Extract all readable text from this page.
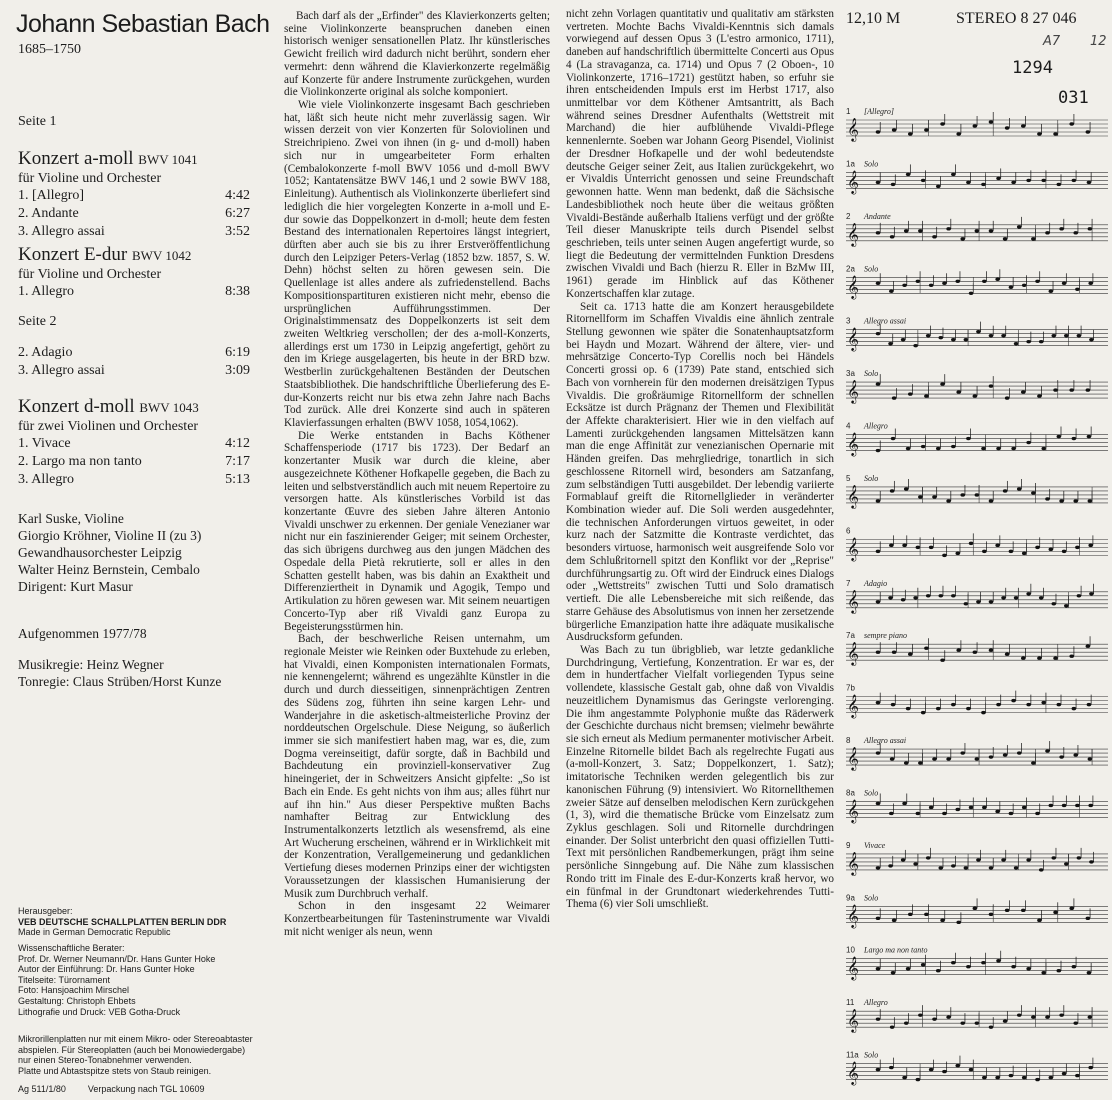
Johann Sebastian Bach
1685–1750
Seite 1
Konzert a-moll BWV 1041
für Violine und Orchester
1. [Allegro]	4:42
2. Andante	6:27
3. Allegro assai	3:52
Konzert E-dur BWV 1042
für Violine und Orchester
1. Allegro	8:38
Seite 2
2. Adagio	6:19
3. Allegro assai	3:09
Konzert d-moll BWV 1043
für zwei Violinen und Orchester
1. Vivace	4:12
2. Largo ma non tanto	7:17
3. Allegro	5:13
Karl Suske, Violine
Giorgio Kröhner, Violine II (zu 3)
Gewandhausorchester Leipzig
Walter Heinz Bernstein, Cembalo
Dirigent: Kurt Masur
Aufgenommen 1977/78
Musikregie: Heinz Wegner
Tonregie: Claus Strüben/Horst Kunze
Herausgeber:
VEB DEUTSCHE SCHALLPLATTEN BERLIN DDR
Made in German Democratic Republic
Wissenschaftliche Berater:
Prof. Dr. Werner Neumann/Dr. Hans Gunter Hoke
Autor der Einführung: Dr. Hans Gunter Hoke
Titelseite: Türornament
Foto: Hansjoachim Mirschel
Gestaltung: Christoph Ehbets
Lithografie und Druck: VEB Gotha-Druck
Mikrorillenplatten nur mit einem Mikro- oder Stereoabtaster
abspielen. Für Stereoplatten (auch bei Monowiedergabe)
nur einen Stereo-Tonabnehmer verwenden.
Platte und Abtastspitze stets von Staub reinigen.
Ag 511/1/80 Verpackung nach TGL 10609

Bach darf als der „Erfinder" des Klavierkonzerts gelten; seine Violinkonzerte beanspruchen daneben einen historisch weniger sensationellen Platz. Ihr künstlerisches Gewicht freilich wird dadurch nicht berührt, sondern eher vermehrt: denn während die Klavierkonzerte regelmäßig auf Konzerte für andere Instrumente zurückgehen, wurden die Violinkonzerte original als solche komponiert.

Wie viele Violinkonzerte insgesamt Bach geschrieben hat, läßt sich heute nicht mehr zuverlässig sagen. Wir wissen derzeit von vier Konzerten für Soloviolinen und Streichripieno. Zwei von ihnen (in g- und d-moll) haben sich nur in umgearbeiteter Form erhalten (Cembalokonzerte f-moll BWV 1056 und d-moll BWV 1052; Kantatensätze BWV 146,1 und 2 sowie BWV 188, Einleitung). Authentisch als Violinkonzerte überliefert sind lediglich die hier vorgelegten Konzerte in a-moll und E-dur sowie das Doppelkonzert in d-moll; heute dem festen Bestand des internationalen Repertoires längst integriert, dürften aber auch sie bis zu ihrer Erstveröffentlichung durch den Leipziger Peters-Verlag (1852 bzw. 1857, S. W. Dehn) höchst selten zu hören gewesen sein. Die Quellenlage ist alles andere als zufriedenstellend. Bachs Kompositionspartituren existieren nicht mehr, ebenso die ursprünglichen Aufführungsstimmen. Der Originalstimmensatz des Doppelkonzerts ist seit dem zweiten Weltkrieg verschollen; der des a-moll-Konzerts, allerdings erst um 1730 in Leipzig angefertigt, gehört zu den im Kriege ausgelagerten, bis heute in der BRD bzw. Westberlin zurückgehaltenen Beständen der Deutschen Staatsbibliothek. Die handschriftliche Überlieferung des E-dur-Konzerts reicht nur bis etwa zehn Jahre nach Bachs Tod zurück. Alle drei Konzerte sind auch in späteren Klavierfassungen erhalten (BWV 1058, 1054,1062).

Die Werke entstanden in Bachs Köthener Schaffensperiode (1717 bis 1723). Der Bedarf an konzertanter Musik war durch die kleine, aber ausgezeichnete Köthener Hofkapelle gegeben, die Bach zu leiten und selbstverständlich auch mit neuem Repertoire zu versorgen hatte. Als künstlerisches Vorbild ist das konzertante Œuvre des sieben Jahre älteren Antonio Vivaldi unschwer zu erkennen. Der geniale Venezianer war nicht nur ein faszinierender Geiger; mit seinem Orchester, das sich übrigens durchweg aus den jungen Mädchen des Ospedale della Pietà rekrutierte, soll er alles in den Schatten gestellt haben, was bis dahin an Exaktheit und Differenziertheit in Dynamik und Agogik, Tempo und Artikulation zu hören gewesen war. Mit seinem neuartigen Concerto-Typ aber riß Vivaldi ganz Europa zu Begeisterungsstürmen hin.

Bach, der beschwerliche Reisen unternahm, um regionale Meister wie Reinken oder Buxtehude zu erleben, hat Vivaldi, einen Komponisten internationalen Formats, nie kennengelernt; während es ungezählte Künstler in die durch und durch diesseitigen, sinnenprächtigen Zentren des Südens zog, führten ihn seine kargen Lehr- und Wanderjahre in die asketisch-altmeisterliche Provinz der norddeutschen Orgelschule. Diese Neigung, so äußerlich immer sie sich manifestiert haben mag, war es, die, zum Dogma vereinseitigt, dafür sorgte, daß in Bachbild und Bachdeutung ein provinziell-konservativer Zug hineingeriet, der in Schweitzers Ansicht gipfelte: „So ist Bach ein Ende. Es geht nichts von ihm aus; alles führt nur auf ihn hin." Aus dieser Perspektive mußten Bachs namhafter Beitrag zur Entwicklung des Instrumentalkonzerts letztlich als wesensfremd, als eine Art Wucherung erscheinen, während er in Wirklichkeit mit der Konzentration, Verallgemeinerung und gedanklichen Vertiefung dieses modernen Prinzips einer der wichtigsten Voraussetzungen der klassischen Humanisierung der Musik zum Durchbruch verhalf.

Schon in den insgesamt 22 Weimarer Konzertbearbeitungen für Tasteninstrumente war Vivaldi mit nicht weniger als neun, wenn

nicht zehn Vorlagen quantitativ und qualitativ am stärksten vertreten. Mochte Bachs Vivaldi-Kenntnis sich damals vorwiegend auf dessen Opus 3 (L'estro armonico, 1711), daneben auf handschriftlich übermittelte Concerti aus Opus 4 (La stravaganza, ca. 1714) und Opus 7 (2 Oboen-, 10 Violinkonzerte, 1716–1721) gestützt haben, so erfuhr sie ihren entscheidenden Impuls erst im Herbst 1717, also unmittelbar vor dem Köthener Amtsantritt, als Bach während seines Dresdner Aufenthalts (Wettstreit mit Marchand) die hier aufblühende Vivaldi-Pflege kennenlernte. Soeben war Johann Georg Pisendel, Violinist der Dresdner Hofkapelle und der wohl bedeutendste deutsche Geiger seiner Zeit, aus Italien zurückgekehrt, wo er Vivaldis Unterricht genossen und seine Freundschaft gewonnen hatte. Wenn man bedenkt, daß die Sächsische Landesbibliothek noch heute über die weitaus größten Vivaldi-Bestände außerhalb Italiens verfügt und der größte Teil dieser Manuskripte teils durch Pisendel selbst geschrieben, teils unter seinen Augen angefertigt wurde, so liegt die Bedeutung der vermittelnden Funktion Dresdens zwischen Vivaldi und Bach (hierzu R. Eller in BzMw III, 1961) gerade im Hinblick auf das Köthener Konzertschaffen klar zutage.

Seit ca. 1713 hatte die am Konzert herausgebildete Ritornellform im Schaffen Vivaldis eine ähnlich zentrale Stellung gewonnen wie später die Sonatenhauptsatzform bei Haydn und Mozart. Während der ältere, vier- und mehrsätzige Concerto-Typ Corellis noch bei Händels Concerti grossi op. 6 (1739) Pate stand, entschied sich Bach von vornherein für den modernen dreisätzigen Typus Vivaldis. Die großräumige Ritornellform der schnellen Ecksätze ist durch Prägnanz der Themen und Flexibilität der Affekte charakterisiert. Hier wie in den vielfach auf Lamenti zurückgehenden langsamen Mittelsätzen kann man die enge Affinität zur venezianischen Opernarie mit Händen greifen. Das mehrgliedrige, tonartlich in sich geschlossene Ritornell wird, besonders am Satzanfang, zum selbständigen Tutti ausgebildet. Der lebendig variierte Formablauf greift die Ritornellglieder in veränderter Kombination wieder auf. Die Soli werden ausgedehnter, die technischen Anforderungen virtuos geweitet, in oder kurz nach der Satzmitte die Kontraste verdichtet, das besonders virtuose, harmonisch weit ausgreifende Solo vor dem Schlußritornell spitzt den Konflikt vor der „Reprise" durchführungsartig zu. Oft wird der Eindruck eines Dialogs oder „Wettstreits" zwischen Tutti und Solo dramatisch vertieft. Die alle Lebensbereiche mit sich reißende, das starre Gehäuse des Absolutismus von innen her zersetzende bürgerliche Emanzipation hatte ihre adäquate musikalische Ausdrucksform gefunden.

Was Bach zu tun übrigblieb, war letzte gedankliche Durchdringung, Vertiefung, Konzentration. Er war es, der dem in hundertfacher Vielfalt vorliegenden Typus seine vollendete, klassische Gestalt gab, ohne daß von Vivaldis neuzeitlichem Dynamismus das Geringste verlorenging. Die ihm angestammte Polyphonie mußte das Räderwerk der Geschichte durchaus nicht bremsen; vielmehr bewährte sie sich erneut als Medium permanenter motivischer Arbeit. Einzelne Ritornelle bildet Bach als regelrechte Fugati aus (a-moll-Konzert, 3. Satz; Doppelkonzert, 1. Satz); imitatorische Techniken werden gelegentlich bis zur kanonischen Führung (9) intensiviert. Wo Ritornellthemen zweier Sätze auf denselben melodischen Kern zurückgehen (1, 3), wird die thematische Brücke vom Einzelsatz zum Zyklus geschlagen. Soli und Ritornelle durchdringen einander. Der Solist unterbricht den quasi offiziellen Tutti-Text mit persönlichen Randbemerkungen, prägt ihm seine persönliche Sinngebung auf. Die Nähe zum klassischen Rondo tritt im Finale des E-dur-Konzerts kraß hervor, wo ein fünfmal in der Grundtonart wiederkehrendes Tutti-Thema (6) vier Soli umschließt.

12,10 M	STEREO 8 27 046
A7 12
1294
031
1 [Allegro]
𝄞
1a Solo
𝄞
2 Andante
𝄞
2a Solo
𝄞
3 Allegro assai
𝄞
3a Solo
𝄞
4 Allegro
𝄞
5 Solo
𝄞
6
𝄞
7 Adagio
𝄞
7a sempre piano
𝄞
7b
𝄞
8 Allegro assai
𝄞
8a Solo
𝄞
9 Vivace
𝄞
9a Solo
𝄞
10 Largo ma non tanto
𝄞
11 Allegro
𝄞
11a Solo
𝄞
